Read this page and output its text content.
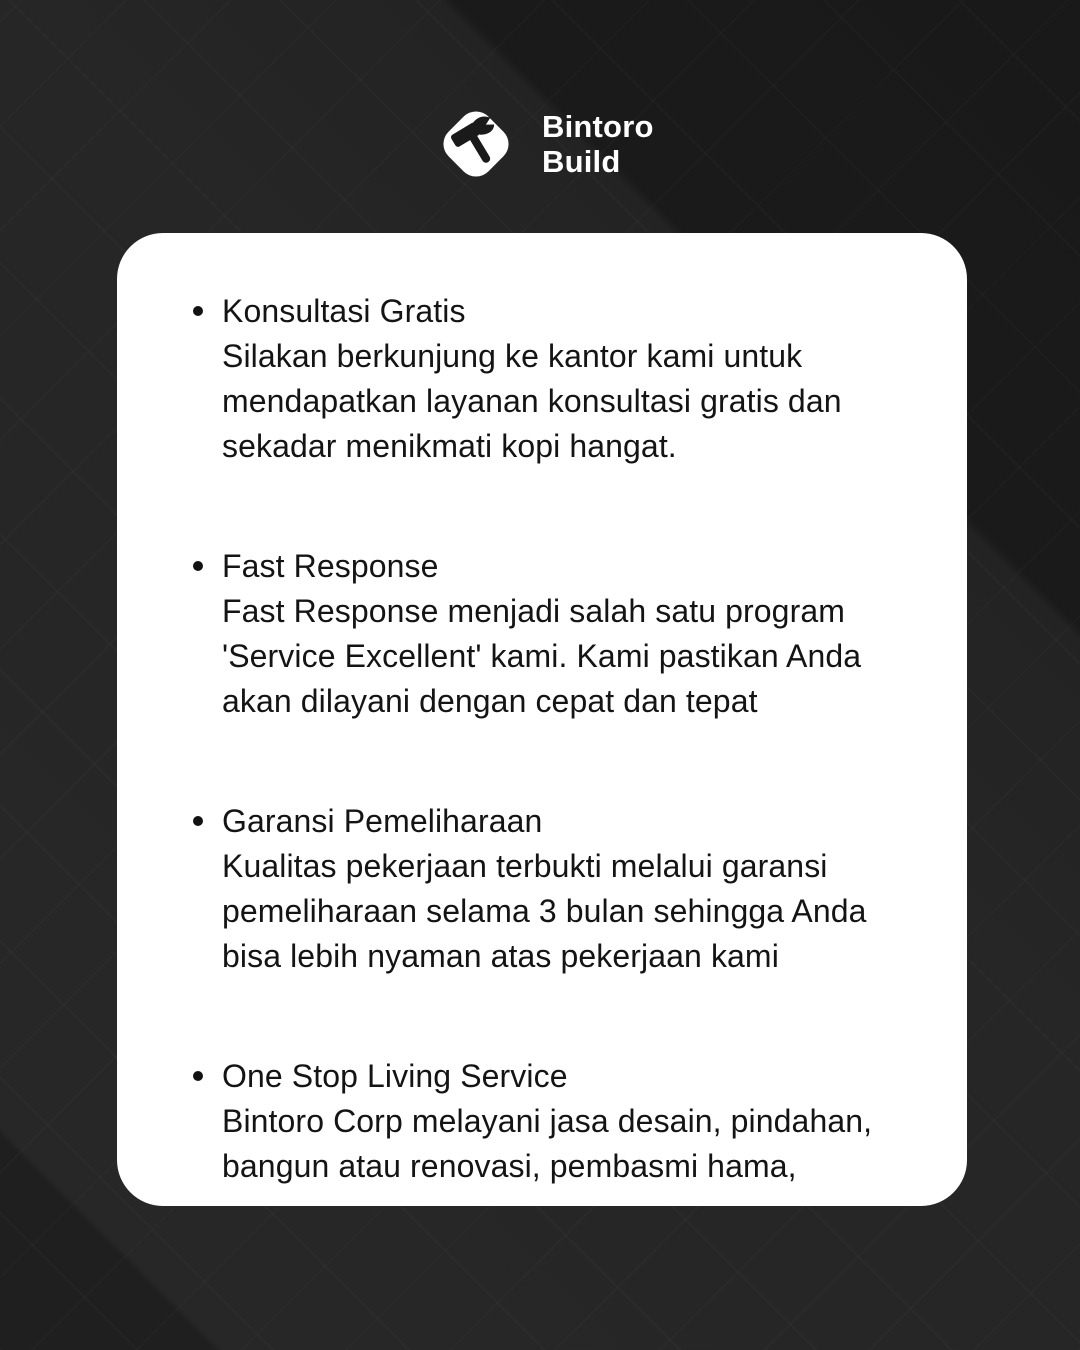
Bintoro
Build
Konsultasi Gratis
Silakan berkunjung ke kantor kami untuk
mendapatkan layanan konsultasi gratis dan
sekadar menikmati kopi hangat.
Fast Response
Fast Response menjadi salah satu program
'Service Excellent' kami. Kami pastikan Anda
akan dilayani dengan cepat dan tepat
Garansi Pemeliharaan
Kualitas pekerjaan terbukti melalui garansi
pemeliharaan selama 3 bulan sehingga Anda
bisa lebih nyaman atas pekerjaan kami
One Stop Living Service
Bintoro Corp melayani jasa desain, pindahan,
bangun atau renovasi, pembasmi hama,
